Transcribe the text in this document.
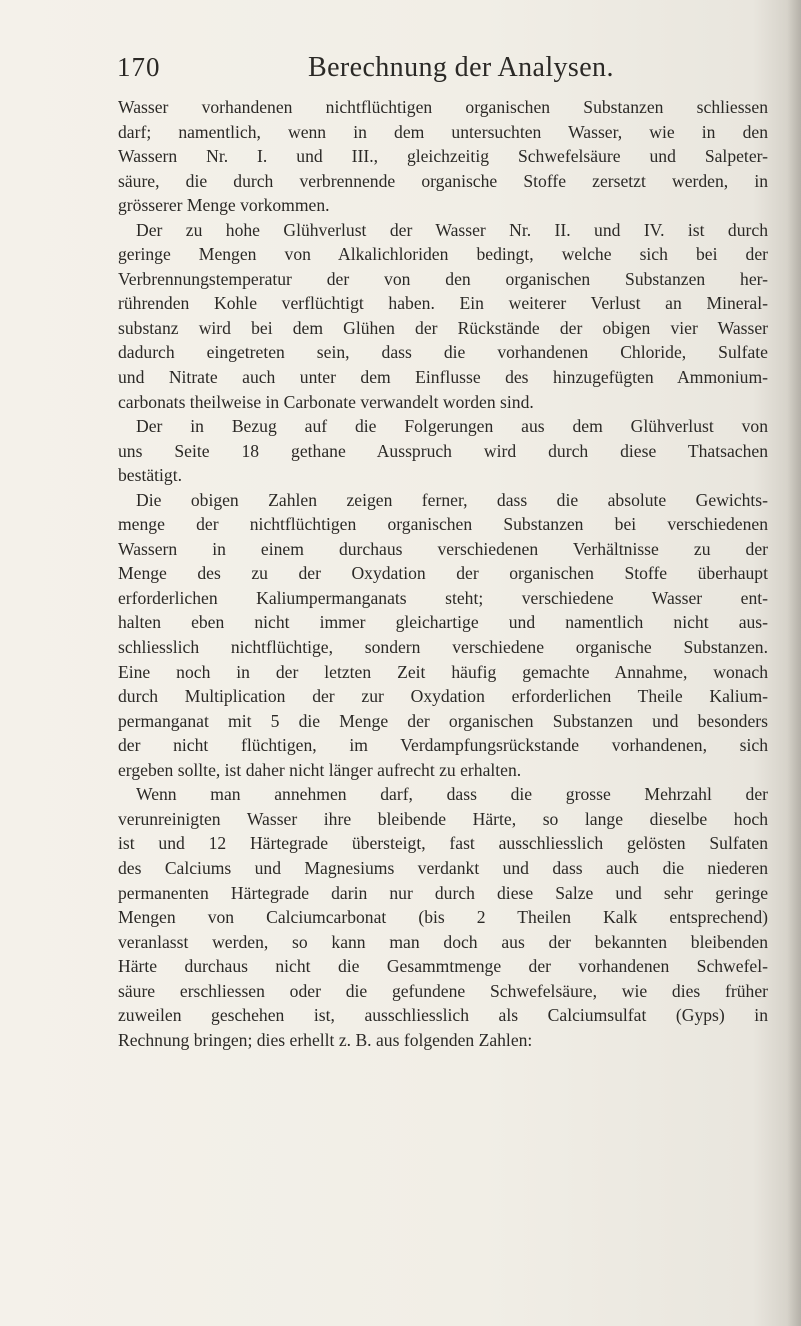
170	Berechnung der Analysen.
Wasser vorhandenen nichtflüchtigen organischen Substanzen schliessen
darf; namentlich, wenn in dem untersuchten Wasser, wie in den
Wassern Nr. I. und III., gleichzeitig Schwefelsäure und Salpeter-
säure, die durch verbrennende organische Stoffe zersetzt werden, in
grösserer Menge vorkommen.
Der zu hohe Glühverlust der Wasser Nr. II. und IV. ist durch
geringe Mengen von Alkalichloriden bedingt, welche sich bei der
Verbrennungstemperatur der von den organischen Substanzen her-
rührenden Kohle verflüchtigt haben. Ein weiterer Verlust an Mineral-
substanz wird bei dem Glühen der Rückstände der obigen vier Wasser
dadurch eingetreten sein, dass die vorhandenen Chloride, Sulfate
und Nitrate auch unter dem Einflusse des hinzugefügten Ammonium-
carbonats theilweise in Carbonate verwandelt worden sind.
Der in Bezug auf die Folgerungen aus dem Glühverlust von
uns Seite 18 gethane Ausspruch wird durch diese Thatsachen
bestätigt.
Die obigen Zahlen zeigen ferner, dass die absolute Gewichts-
menge der nichtflüchtigen organischen Substanzen bei verschiedenen
Wassern in einem durchaus verschiedenen Verhältnisse zu der
Menge des zu der Oxydation der organischen Stoffe überhaupt
erforderlichen Kaliumpermanganats steht; verschiedene Wasser ent-
halten eben nicht immer gleichartige und namentlich nicht aus-
schliesslich nichtflüchtige, sondern verschiedene organische Substanzen.
Eine noch in der letzten Zeit häufig gemachte Annahme, wonach
durch Multiplication der zur Oxydation erforderlichen Theile Kalium-
permanganat mit 5 die Menge der organischen Substanzen und besonders
der nicht flüchtigen, im Verdampfungsrückstande vorhandenen, sich
ergeben sollte, ist daher nicht länger aufrecht zu erhalten.
Wenn man annehmen darf, dass die grosse Mehrzahl der
verunreinigten Wasser ihre bleibende Härte, so lange dieselbe hoch
ist und 12 Härtegrade übersteigt, fast ausschliesslich gelösten Sulfaten
des Calciums und Magnesiums verdankt und dass auch die niederen
permanenten Härtegrade darin nur durch diese Salze und sehr geringe
Mengen von Calciumcarbonat (bis 2 Theilen Kalk entsprechend)
veranlasst werden, so kann man doch aus der bekannten bleibenden
Härte durchaus nicht die Gesammtmenge der vorhandenen Schwefel-
säure erschliessen oder die gefundene Schwefelsäure, wie dies früher
zuweilen geschehen ist, ausschliesslich als Calciumsulfat (Gyps) in
Rechnung bringen; dies erhellt z. B. aus folgenden Zahlen:
